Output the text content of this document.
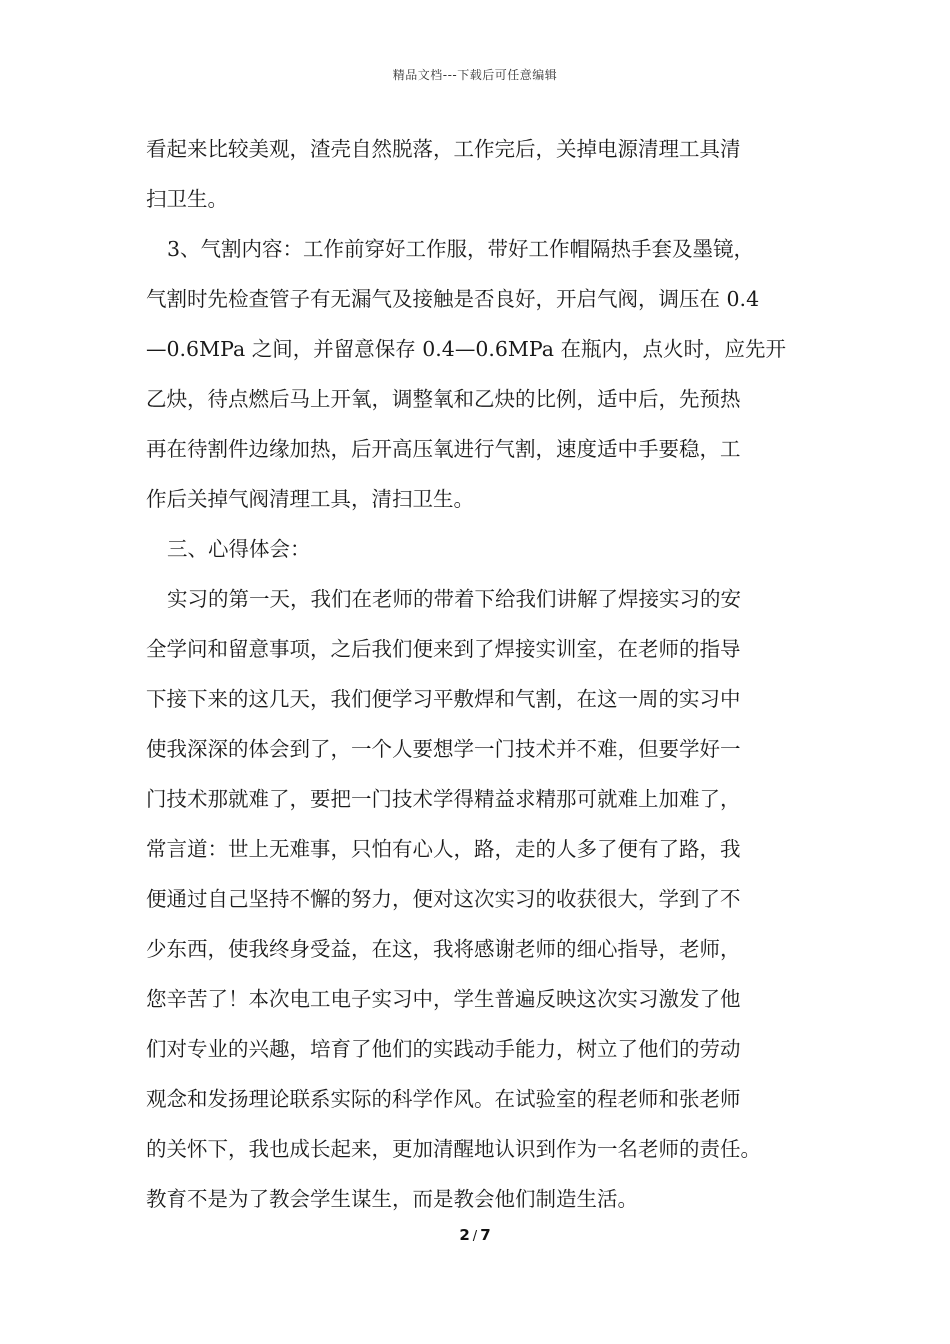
精品文档---下载后可任意编辑
看起来比较美观，渣壳自然脱落，工作完后，关掉电源清理工具清
扫卫生。
3、气割内容：工作前穿好工作服，带好工作帽隔热手套及墨镜，
气割时先检查管子有无漏气及接触是否良好，开启气阀，调压在 0.4
—0.6MPa 之间，并留意保存 0.4—0.6MPa 在瓶内，点火时，应先开
乙炔，待点燃后马上开氧，调整氧和乙炔的比例，适中后，先预热
再在待割件边缘加热，后开高压氧进行气割，速度适中手要稳，工
作后关掉气阀清理工具，清扫卫生。
三、心得体会：
实习的第一天，我们在老师的带着下给我们讲解了焊接实习的安
全学问和留意事项，之后我们便来到了焊接实训室，在老师的指导
下接下来的这几天，我们便学习平敷焊和气割，在这一周的实习中
使我深深的体会到了，一个人要想学一门技术并不难，但要学好一
门技术那就难了，要把一门技术学得精益求精那可就难上加难了，
常言道：世上无难事，只怕有心人，路，走的人多了便有了路，我
便通过自己坚持不懈的努力，便对这次实习的收获很大，学到了不
少东西，使我终身受益，在这，我将感谢老师的细心指导，老师，
您辛苦了！本次电工电子实习中，学生普遍反映这次实习激发了他
们对专业的兴趣，培育了他们的实践动手能力，树立了他们的劳动
观念和发扬理论联系实际的科学作风。在试验室的程老师和张老师
的关怀下，我也成长起来，更加清醒地认识到作为一名老师的责任。
教育不是为了教会学生谋生，而是教会他们制造生活。
2 / 7
